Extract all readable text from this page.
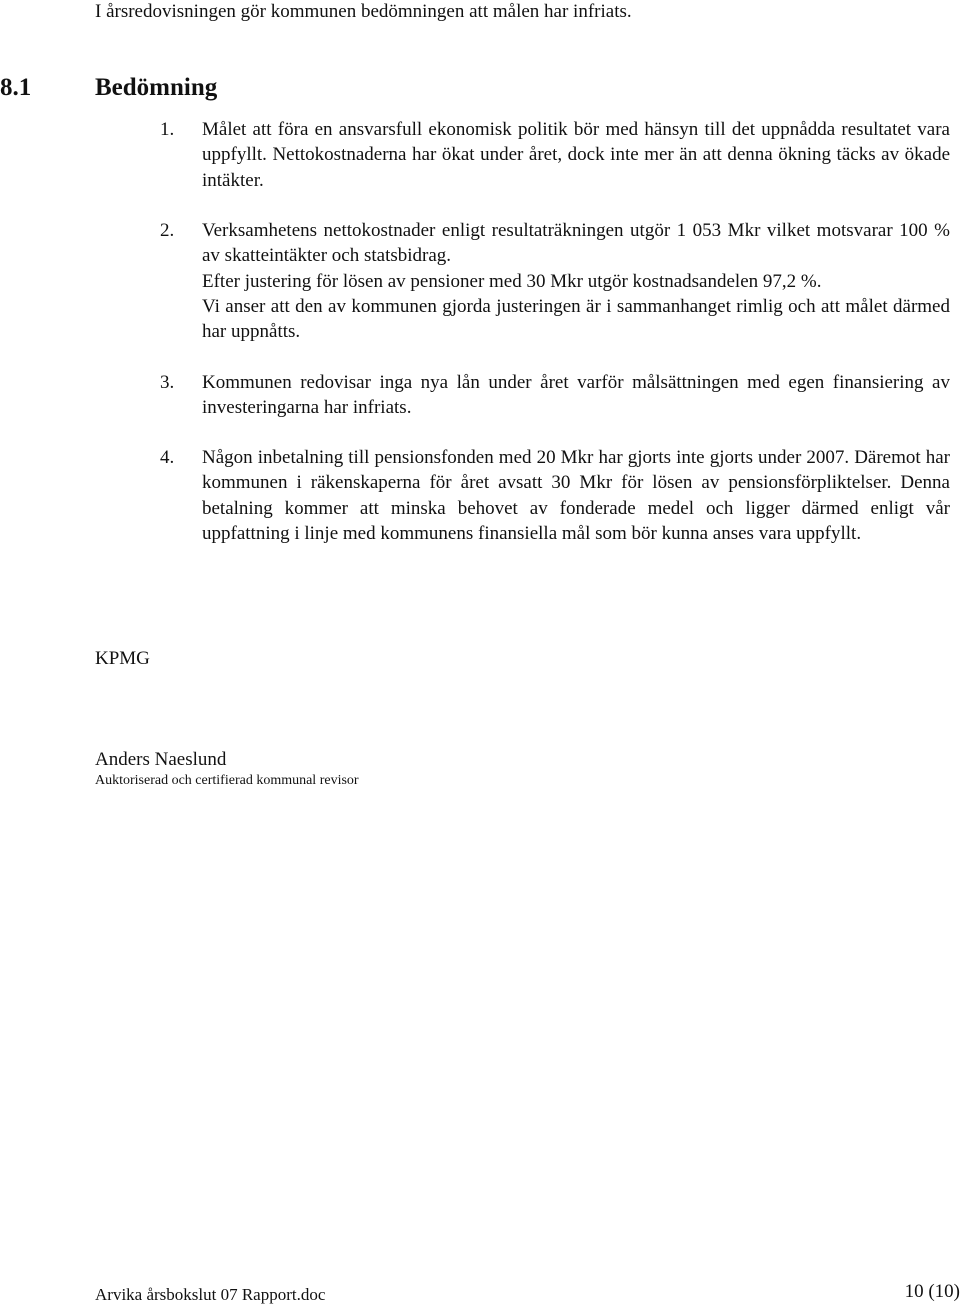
I årsredovisningen gör kommunen bedömningen att målen har infriats.
8.1	Bedömning
1. Målet att föra en ansvarsfull ekonomisk politik bör med hänsyn till det uppnådda resultatet vara uppfyllt. Nettokostnaderna har ökat under året, dock inte mer än att denna ökning täcks av ökade intäkter.

2. Verksamhetens nettokostnader enligt resultaträkningen utgör 1 053 Mkr vilket motsvarar 100 % av skatteintäkter och statsbidrag.

Efter justering för lösen av pensioner med 30 Mkr utgör kostnadsandelen 97,2 %.

Vi anser att den av kommunen gjorda justeringen är i sammanhanget rimlig och att målet därmed har uppnåtts.

3. Kommunen redovisar inga nya lån under året varför målsättningen med egen finansiering av investeringarna har infriats.

4. Någon inbetalning till pensionsfonden med 20 Mkr har gjorts inte gjorts under 2007. Däremot har kommunen i räkenskaperna för året avsatt 30 Mkr för lösen av pensionsförpliktelser. Denna betalning kommer att minska behovet av fonderade medel och ligger därmed enligt vår uppfattning i linje med kommunens finansiella mål som bör kunna anses vara uppfyllt.

KPMG
Anders Naeslund
Auktoriserad och certifierad kommunal revisor
Arvika årsbokslut 07 Rapport.doc	10 (10)
